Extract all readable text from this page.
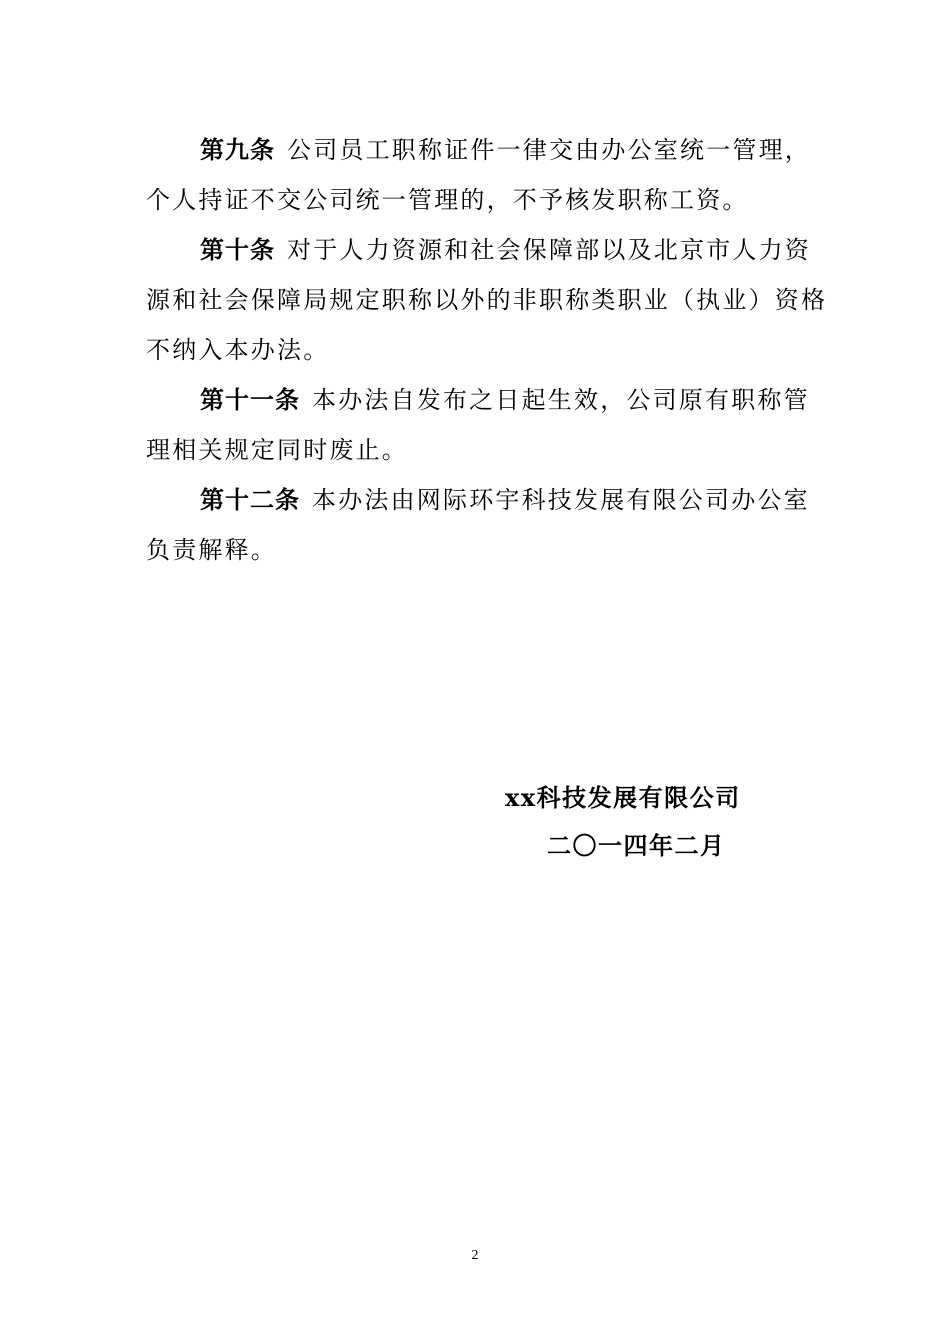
第九条 公司员工职称证件一律交由办公室统一管理，
个人持证不交公司统一管理的，不予核发职称工资。
第十条 对于人力资源和社会保障部以及北京市人力资
源和社会保障局规定职称以外的非职称类职业（执业）资格
不纳入本办法。
第十一条 本办法自发布之日起生效，公司原有职称管
理相关规定同时废止。
第十二条 本办法由网际环宇科技发展有限公司办公室
负责解释。
xx科技发展有限公司
二〇一四年二月
2
